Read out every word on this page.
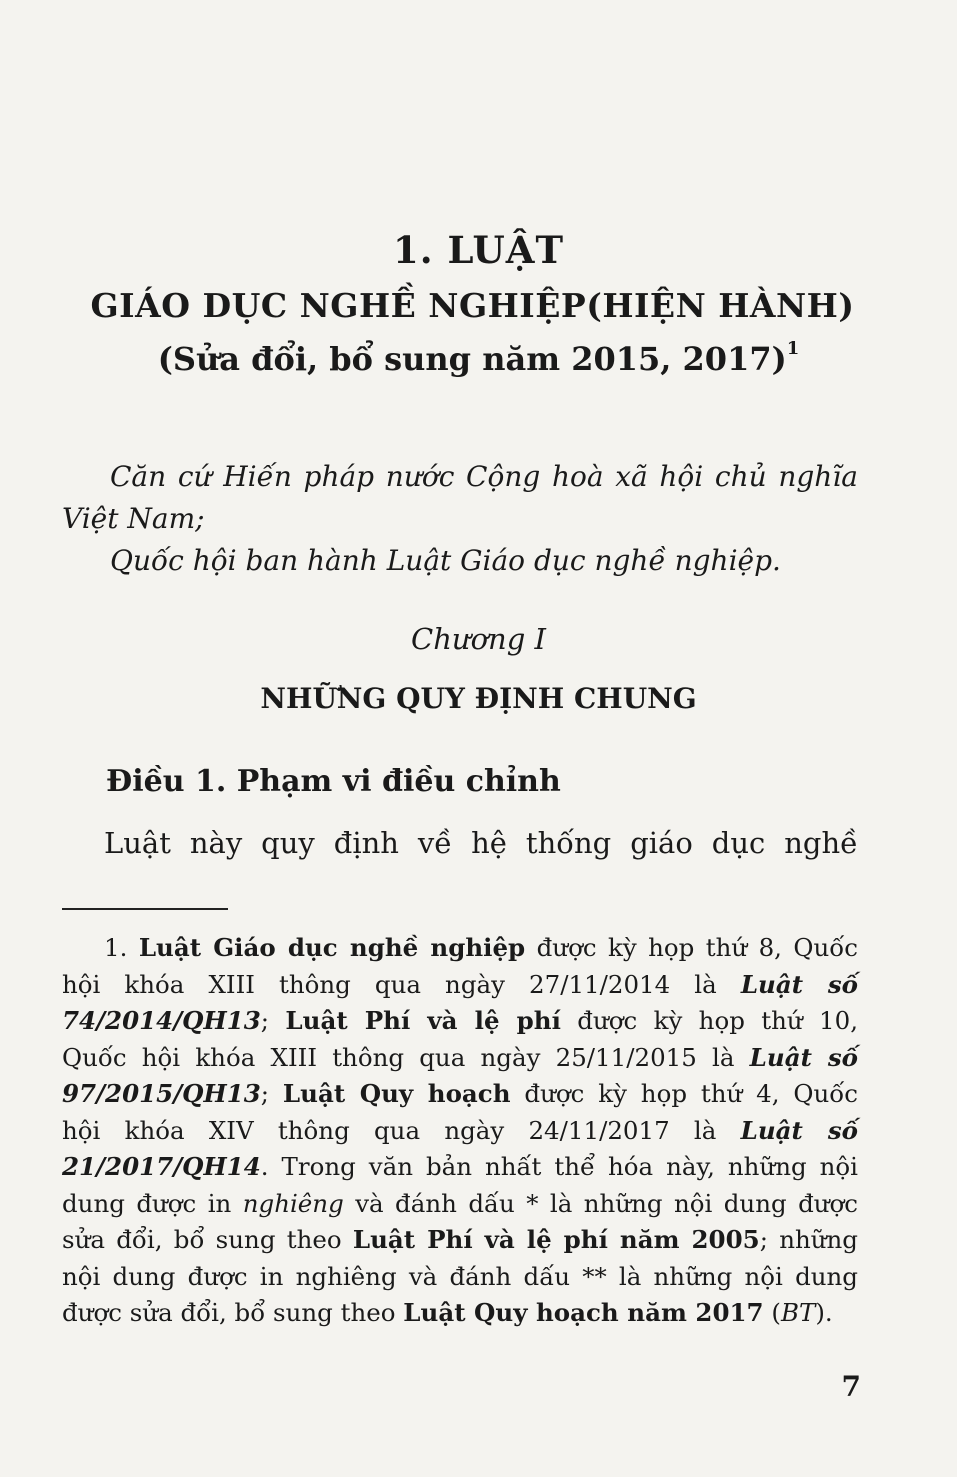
1. LUẬT
GIÁO DỤC NGHỀ NGHIỆP(HIỆN HÀNH)
(Sửa đổi, bổ sung năm 2015, 2017)$^1$
Căn cứ Hiến pháp nước Cộng hoà xã hội chủ nghĩa
Việt Nam;
Quốc hội ban hành Luật Giáo dục nghề nghiệp.
Chương I
NHỮNG QUY ĐỊNH CHUNG
Điều 1. Phạm vi điều chỉnh
Luật này quy định về hệ thống giáo dục nghề
1. Luật Giáo dục nghề nghiệp được kỳ họp thứ 8, Quốc
hội khóa XIII thông qua ngày 27/11/2014 là Luật số
74/2014/QH13; Luật Phí và lệ phí được kỳ họp thứ 10,
Quốc hội khóa XIII thông qua ngày 25/11/2015 là Luật số
97/2015/QH13; Luật Quy hoạch được kỳ họp thứ 4, Quốc
hội khóa XIV thông qua ngày 24/11/2017 là Luật số
21/2017/QH14. Trong văn bản nhất thể hóa này, những nội
dung được in nghiêng và đánh dấu * là những nội dung được
sửa đổi, bổ sung theo Luật Phí và lệ phí năm 2005; những
nội dung được in nghiêng và đánh dấu ** là những nội dung
được sửa đổi, bổ sung theo Luật Quy hoạch năm 2017 (BT).
7
